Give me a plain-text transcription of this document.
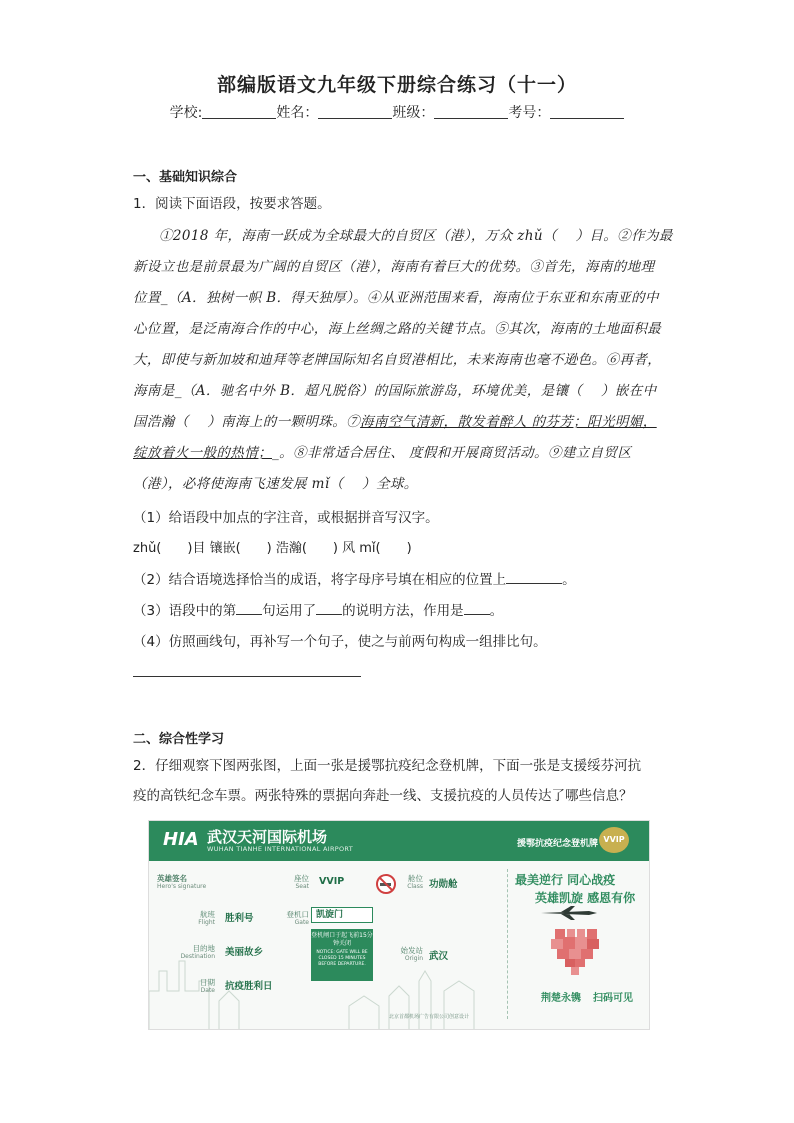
部编版语文九年级下册综合练习（十一）
学校:	姓名：	班级：	考号：
一、基础知识综合
1．阅读下面语段，按要求答题。
①2018 年，海南一跃成为全球最大的自贸区（港），万众 zhǔ（　 ）目。②作为最
新设立也是前景最为广阔的自贸区（港），海南有着巨大的优势。③首先，海南的地理
位置_（A．独树一帜 B．得天独厚）。④从亚洲范围来看，海南位于东亚和东南亚的中
心位置，是泛南海合作的中心，海上丝绸之路的关键节点。⑤其次，海南的土地面积最
大，即使与新加坡和迪拜等老牌国际知名自贸港相比，未来海南也毫不逊色。⑥再者，
海南是_（A．驰名中外 B．超凡脱俗）的国际旅游岛，环境优美，是镶（　 ）嵌在中
国浩瀚（　 ）南海上的一颗明珠。⑦海南空气清新，散发着醉人 的芬芳；阳光明媚，
绽放着火一般的热情；_。⑧非常适合居住、 度假和开展商贸活动。⑨建立自贸区
（港），必将使海南飞速发展 mǐ（　 ）全球。
（1）给语段中加点的字注音，或根据拼音写汉字。
zhǔ(　　)目 镶嵌(　　) 浩瀚(　　) 风 mǐ(　　)
（2）结合语境选择恰当的成语，将字母序号填在相应的位置上	。
（3）语段中的第 句运用了 的说明方法，作用是 。
（4）仿照画线句，再补写一个句子，使之与前两句构成一组排比句。
二、综合性学习
2．仔细观察下图两张图，上面一张是援鄂抗疫纪念登机牌，下面一张是支援绥芬河抗
疫的高铁纪念车票。两张特殊的票据向奔赴一线、支援抗疫的人员传达了哪些信息？
HIA 武汉天河国际机场
WUHAN TIANHE INTERNATIONAL AIRPORT	援鄂抗疫纪念登机牌 VVIP
英雄签名
Hero's signature
航班
Flight 胜利号
目的地
Destination 美丽故乡
日期
Date 抗疫胜利日
座位
Seat VVIP
登机口
Gate
凯旋门
登机闸口于起飞前15分钟关闭
NOTICE: GATE WILL BE CLOSED 15 MINUTES BEFORE DEPARTURE.
舱位
Class 功勋舱
始发站
Origin 武汉
北京首都机场广告有限公司创意设计
最美逆行 同心战疫
英雄凯旋 感恩有你
荆楚永镌 扫码可见
